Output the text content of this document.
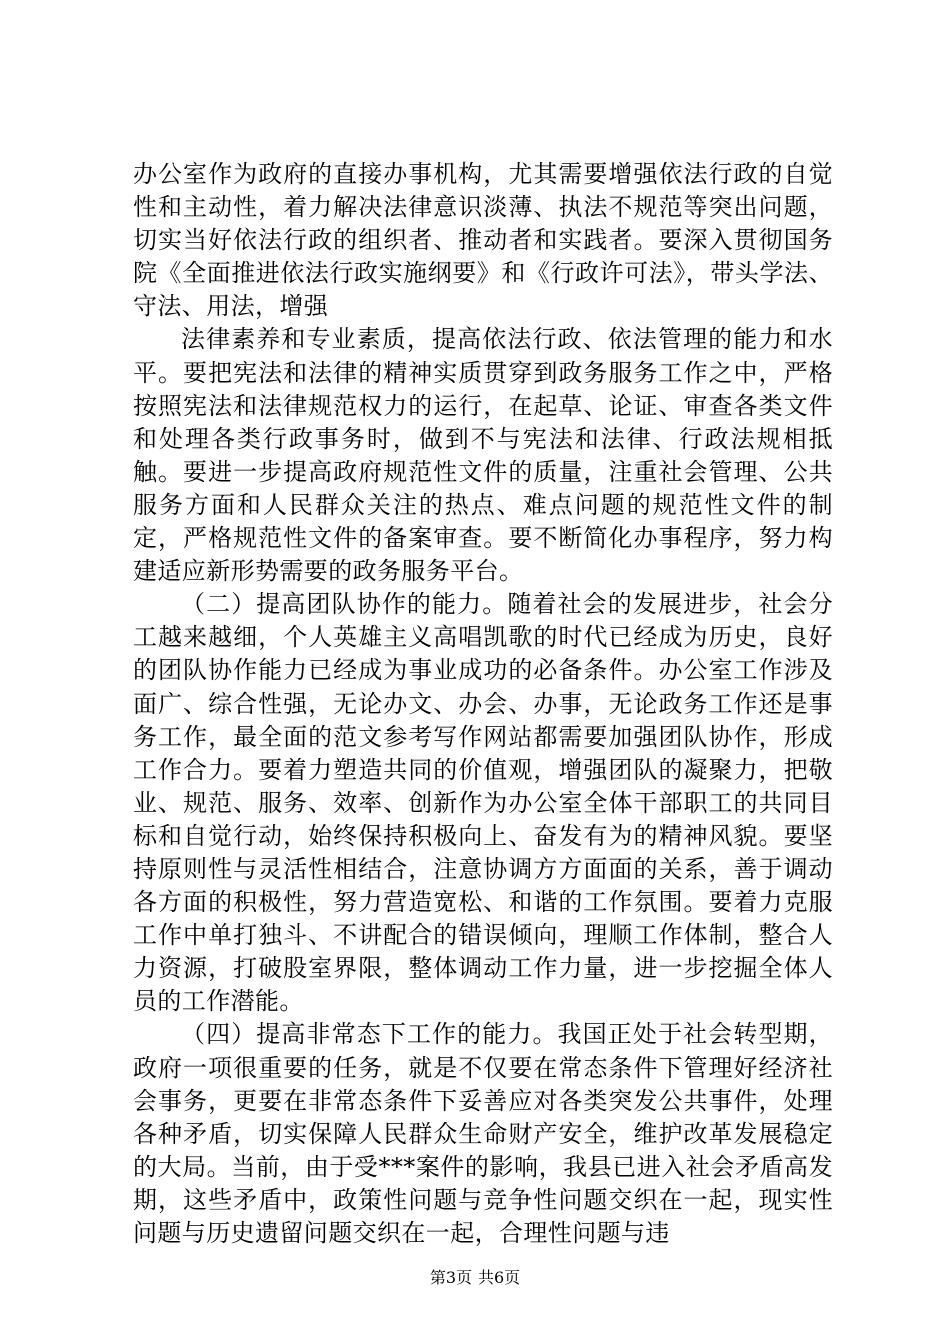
办公室作为政府的直接办事机构，尤其需要增强依法行政的自觉性和主动性，着力解决法律意识淡薄、执法不规范等突出问题，切实当好依法行政的组织者、推动者和实践者。要深入贯彻国务院《全面推进依法行政实施纲要》和《行政许可法》，带头学法、守法、用法，增强

法律素养和专业素质，提高依法行政、依法管理的能力和水平。要把宪法和法律的精神实质贯穿到政务服务工作之中，严格按照宪法和法律规范权力的运行，在起草、论证、审查各类文件和处理各类行政事务时，做到不与宪法和法律、行政法规相抵触。要进一步提高政府规范性文件的质量，注重社会管理、公共服务方面和人民群众关注的热点、难点问题的规范性文件的制定，严格规范性文件的备案审查。要不断简化办事程序，努力构建适应新形势需要的政务服务平台。

（二）提高团队协作的能力。随着社会的发展进步，社会分工越来越细，个人英雄主义高唱凯歌的时代已经成为历史，良好的团队协作能力已经成为事业成功的必备条件。办公室工作涉及面广、综合性强，无论办文、办会、办事，无论政务工作还是事务工作，最全面的范文参考写作网站都需要加强团队协作，形成工作合力。要着力塑造共同的价值观，增强团队的凝聚力，把敬业、规范、服务、效率、创新作为办公室全体干部职工的共同目标和自觉行动，始终保持积极向上、奋发有为的精神风貌。要坚持原则性与灵活性相结合，注意协调方方面面的关系，善于调动各方面的积极性，努力营造宽松、和谐的工作氛围。要着力克服工作中单打独斗、不讲配合的错误倾向，理顺工作体制，整合人力资源，打破股室界限，整体调动工作力量，进一步挖掘全体人员的工作潜能。

（四）提高非常态下工作的能力。我国正处于社会转型期，政府一项很重要的任务，就是不仅要在常态条件下管理好经济社会事务，更要在非常态条件下妥善应对各类突发公共事件，处理各种矛盾，切实保障人民群众生命财产安全，维护改革发展稳定的大局。当前，由于受***案件的影响，我县已进入社会矛盾高发期，这些矛盾中，政策性问题与竞争性问题交织在一起，现实性问题与历史遗留问题交织在一起，合理性问题与违

第3页 共6页
